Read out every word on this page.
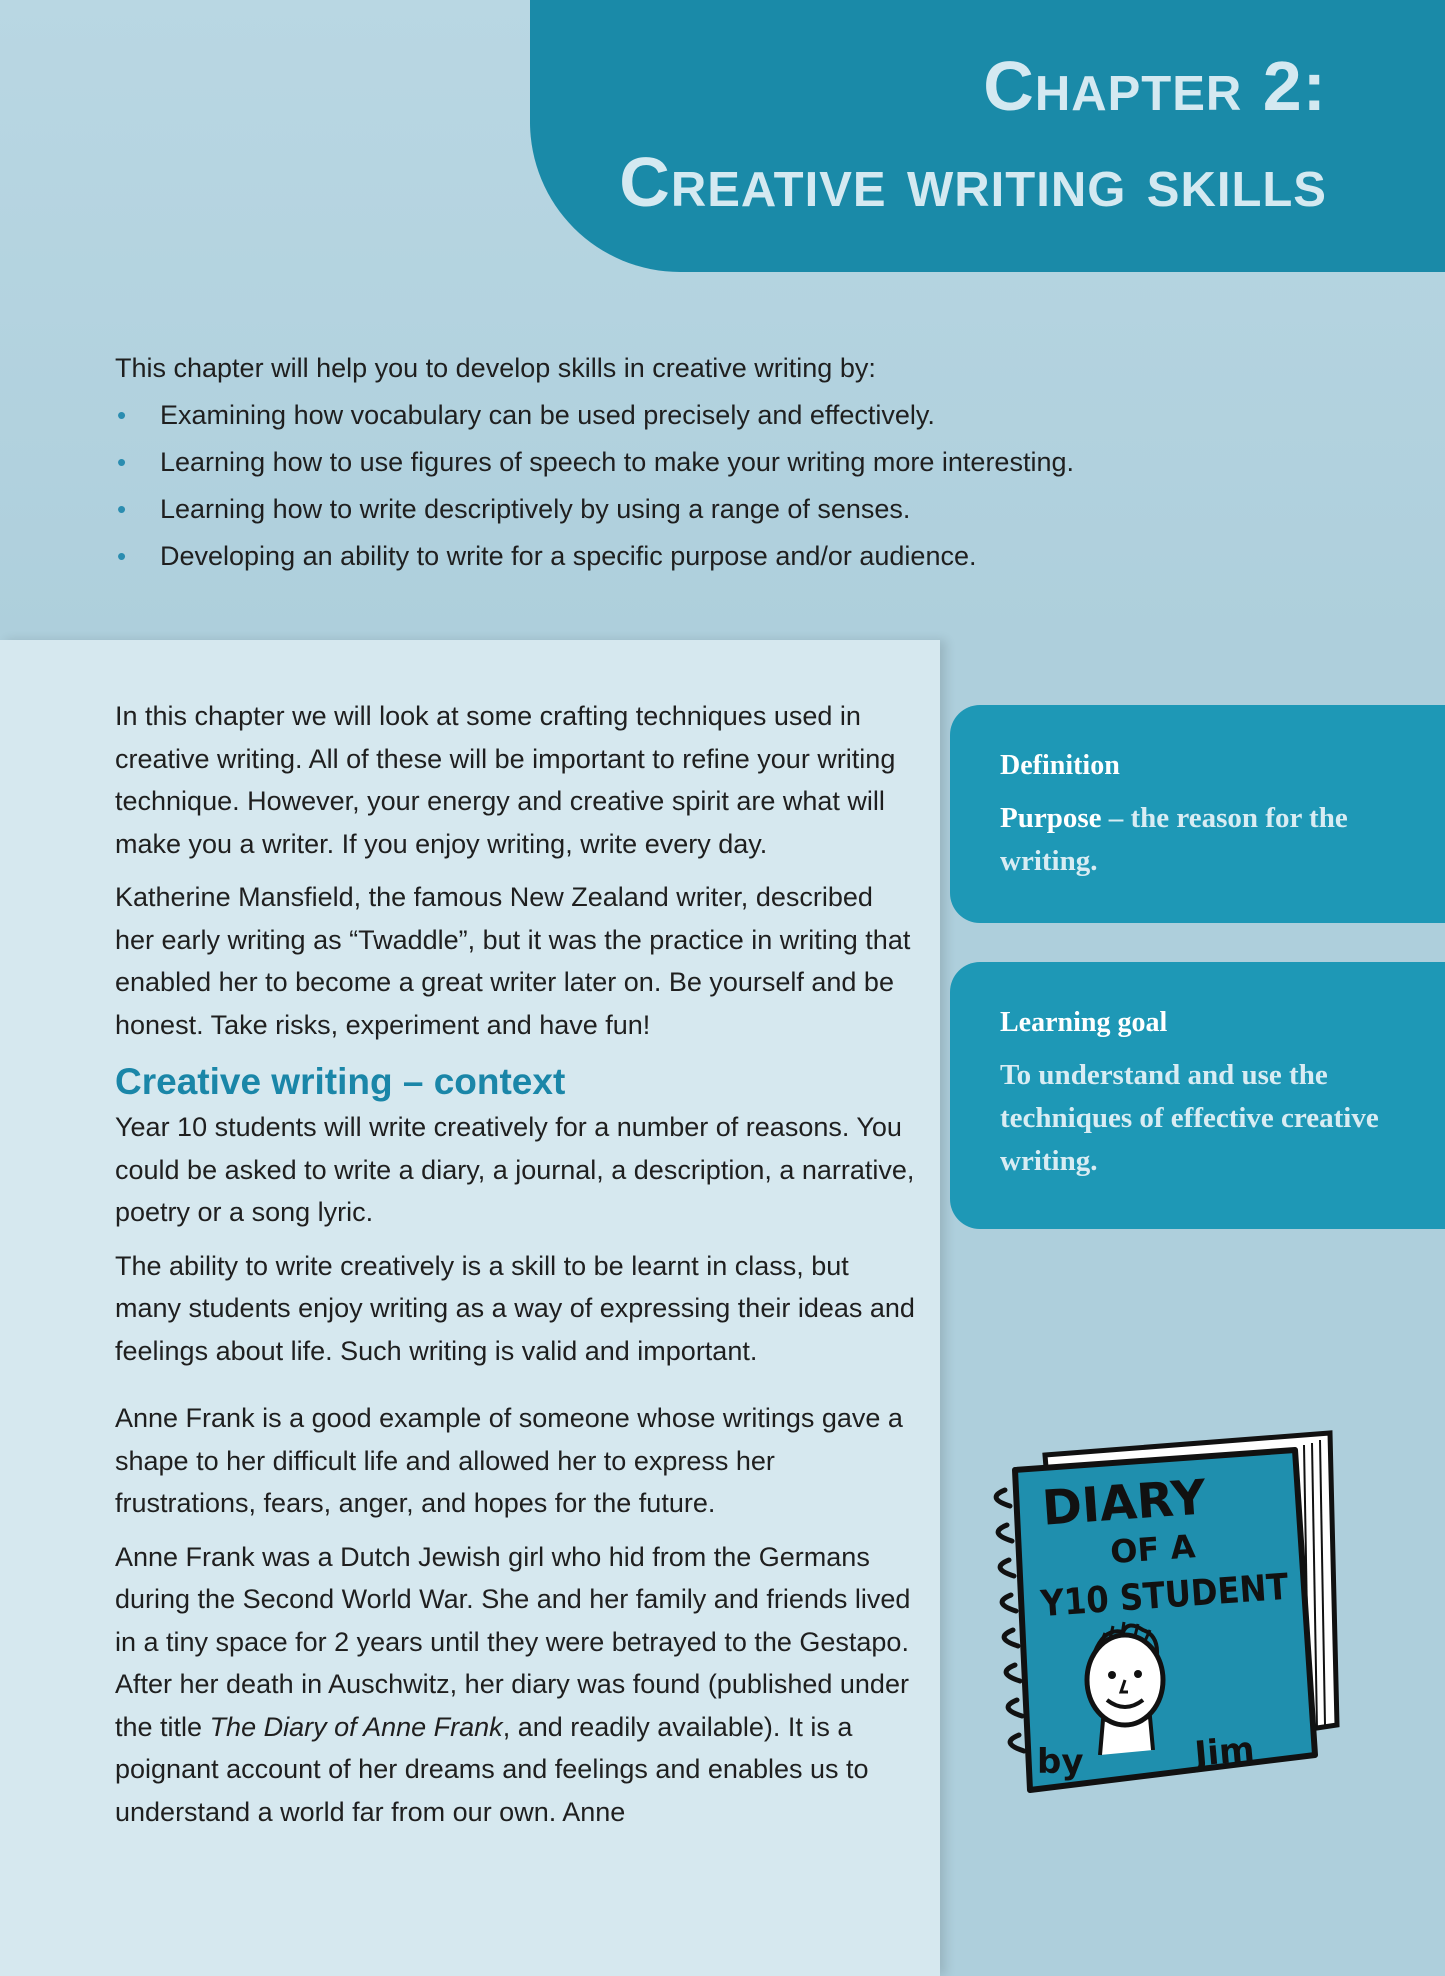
Chapter 2:
Creative writing skills
This chapter will help you to develop skills in creative writing by:
• Examining how vocabulary can be used precisely and effectively.
• Learning how to use figures of speech to make your writing more interesting.
• Learning how to write descriptively by using a range of senses.
• Developing an ability to write for a specific purpose and/or audience.

In this chapter we will look at some crafting techniques used in creative writing. All of these will be important to refine your writing technique. However, your energy and creative spirit are what will make you a writer. If you enjoy writing, write every day.

Katherine Mansfield, the famous New Zealand writer, described her early writing as “Twaddle”, but it was the practice in writing that enabled her to become a great writer later on. Be yourself and be honest. Take risks, experiment and have fun!

Creative writing – context

Year 10 students will write creatively for a number of reasons. You could be asked to write a diary, a journal, a description, a narrative, poetry or a song lyric.

The ability to write creatively is a skill to be learnt in class, but many students enjoy writing as a way of expressing their ideas and feelings about life. Such writing is valid and important.

Anne Frank is a good example of someone whose writings gave a shape to her difficult life and allowed her to express her frustrations, fears, anger, and hopes for the future.

Anne Frank was a Dutch Jewish girl who hid from the Germans during the Second World War. She and her family and friends lived in a tiny space for 2 years until they were betrayed to the Gestapo. After her death in Auschwitz, her diary was found (published under the title The Diary of Anne Frank, and readily available). It is a poignant account of her dreams and feelings and enables us to understand a world far from our own. Anne

Definition
Purpose – the reason for the writing.
Learning goal
To understand and use the techniques of effective creative writing.
DIARY
OF A
Y10 STUDENT
by	Jim
